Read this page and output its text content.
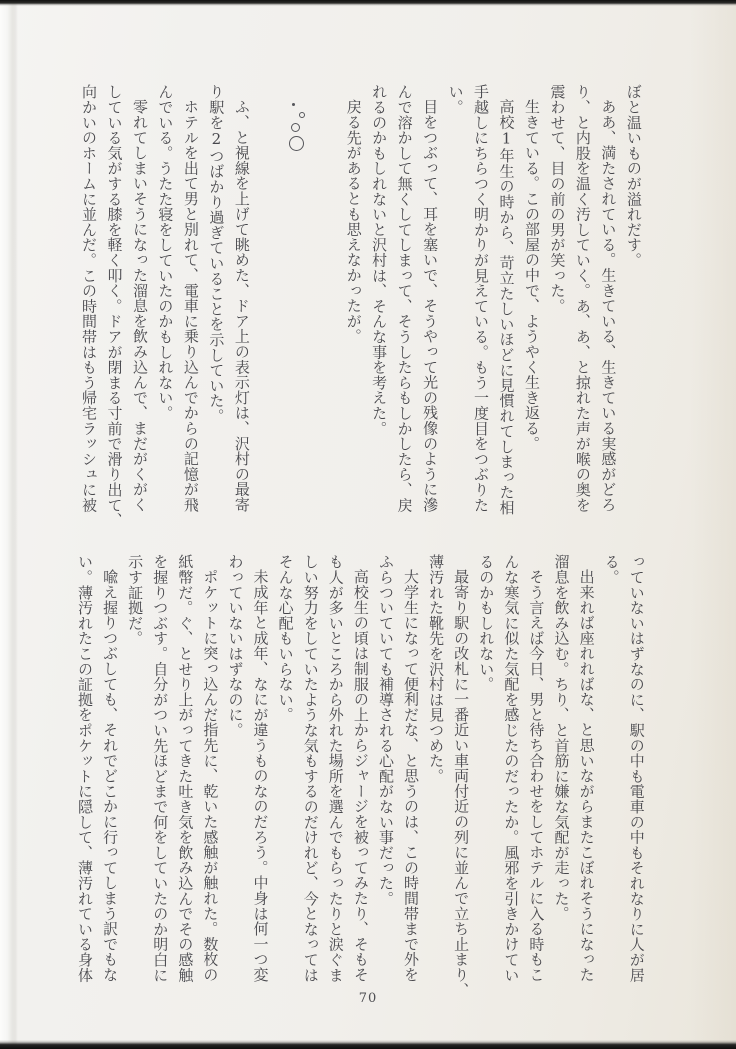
ぼと温いものが溢れだす。
ああ、満たされている。生きている、生きている実感がどろ
り、と内股を温く汚していく。あ、あ、と掠れた声が喉の奥を
震わせて、目の前の男が笑った。
生きている。この部屋の中で、ようやく生き返る。
高校1年生の時から、苛立たしいほどに見慣れてしまった相
手越しにちらつく明かりが見えている。もう一度目をつぶりた
い。
目をつぶって、耳を塞いで、そうやって光の残像のように滲
んで溶かして無くしてしまって、そうしたらもしかしたら、戻
れるのかもしれないと沢村は、そんな事を考えた。
戻る先があるとも思えなかったが。
ふ、と視線を上げて眺めた、ドア上の表示灯は、沢村の最寄
り駅を2つばかり過ぎていることを示していた。
ホテルを出て男と別れて、電車に乗り込んでからの記憶が飛
んでいる。うたた寝をしていたのかもしれない。
零れてしまいそうになった溜息を飲み込んで、まだがくがく
している気がする膝を軽く叩く。ドアが閉まる寸前で滑り出て、
向かいのホームに並んだ。この時間帯はもう帰宅ラッシュに被
っていないはずなのに、駅の中も電車の中もそれなりに人が居
る。
出来れば座れればな、と思いながらまたこぼれそうになった
溜息を飲み込む。ちり、と首筋に嫌な気配が走った。
そう言えば今日、男と待ち合わせをしてホテルに入る時もこ
んな寒気に似た気配を感じたのだったか。風邪を引きかけてい
るのかもしれない。
最寄り駅の改札に一番近い車両付近の列に並んで立ち止まり、
薄汚れた靴先を沢村は見つめた。
大学生になって便利だな、と思うのは、この時間帯まで外を
ふらついていても補導される心配がない事だった。
高校生の頃は制服の上からジャージを被ってみたり、そもそ
も人が多いところから外れた場所を選んでもらったりと涙ぐま
しい努力をしていたような気もするのだけれど、今となっては
そんな心配もいらない。
未成年と成年、なにが違うものなのだろう。中身は何一つ変
わっていないはずなのに。
ポケットに突っ込んだ指先に、乾いた感触が触れた。数枚の
紙幣だ。ぐ、とせり上がってきた吐き気を飲み込んでその感触
を握りつぶす。自分がつい先ほどまで何をしていたのか明白に
示す証拠だ。
喩え握りつぶしても、それでどこかに行ってしまう訳でもな
い。薄汚れたこの証拠をポケットに隠して、薄汚れている身体
70
